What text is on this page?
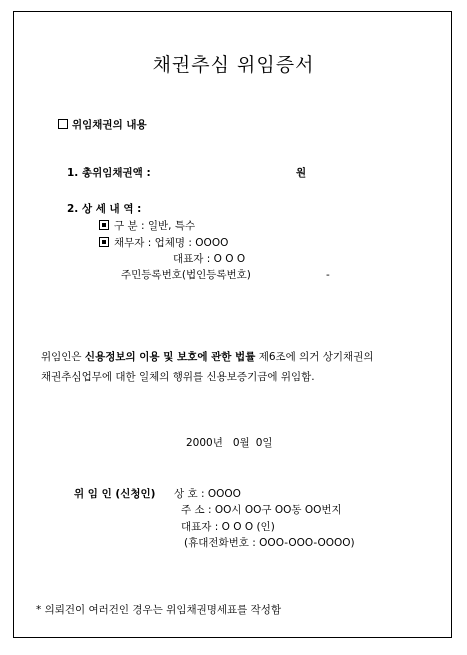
채권추심 위임증서
위임채권의 내용
1. 총위임채권액 :	원
2. 상 세 내 역 :
구 분 : 일반, 특수
채무자 : 업체명 : OOOO
대표자 : O O O
주민등록번호(법인등록번호)	-
위임인은 신용정보의 이용 및 보호에 관한 법률 제6조에 의거 상기채권의
채권추심업무에 대한 일체의 행위를 신용보증기금에 위임함.
2000년 0월 0일
위 임 인 (신청인) 상 호 : OOOO
주 소 : OO시 OO구 OO동 OO번지
대표자 : O O O (인)
(휴대전화번호 : OOO-OOO-OOOO)
* 의뢰건이 여러건인 경우는 위임채권명세표를 작성함
